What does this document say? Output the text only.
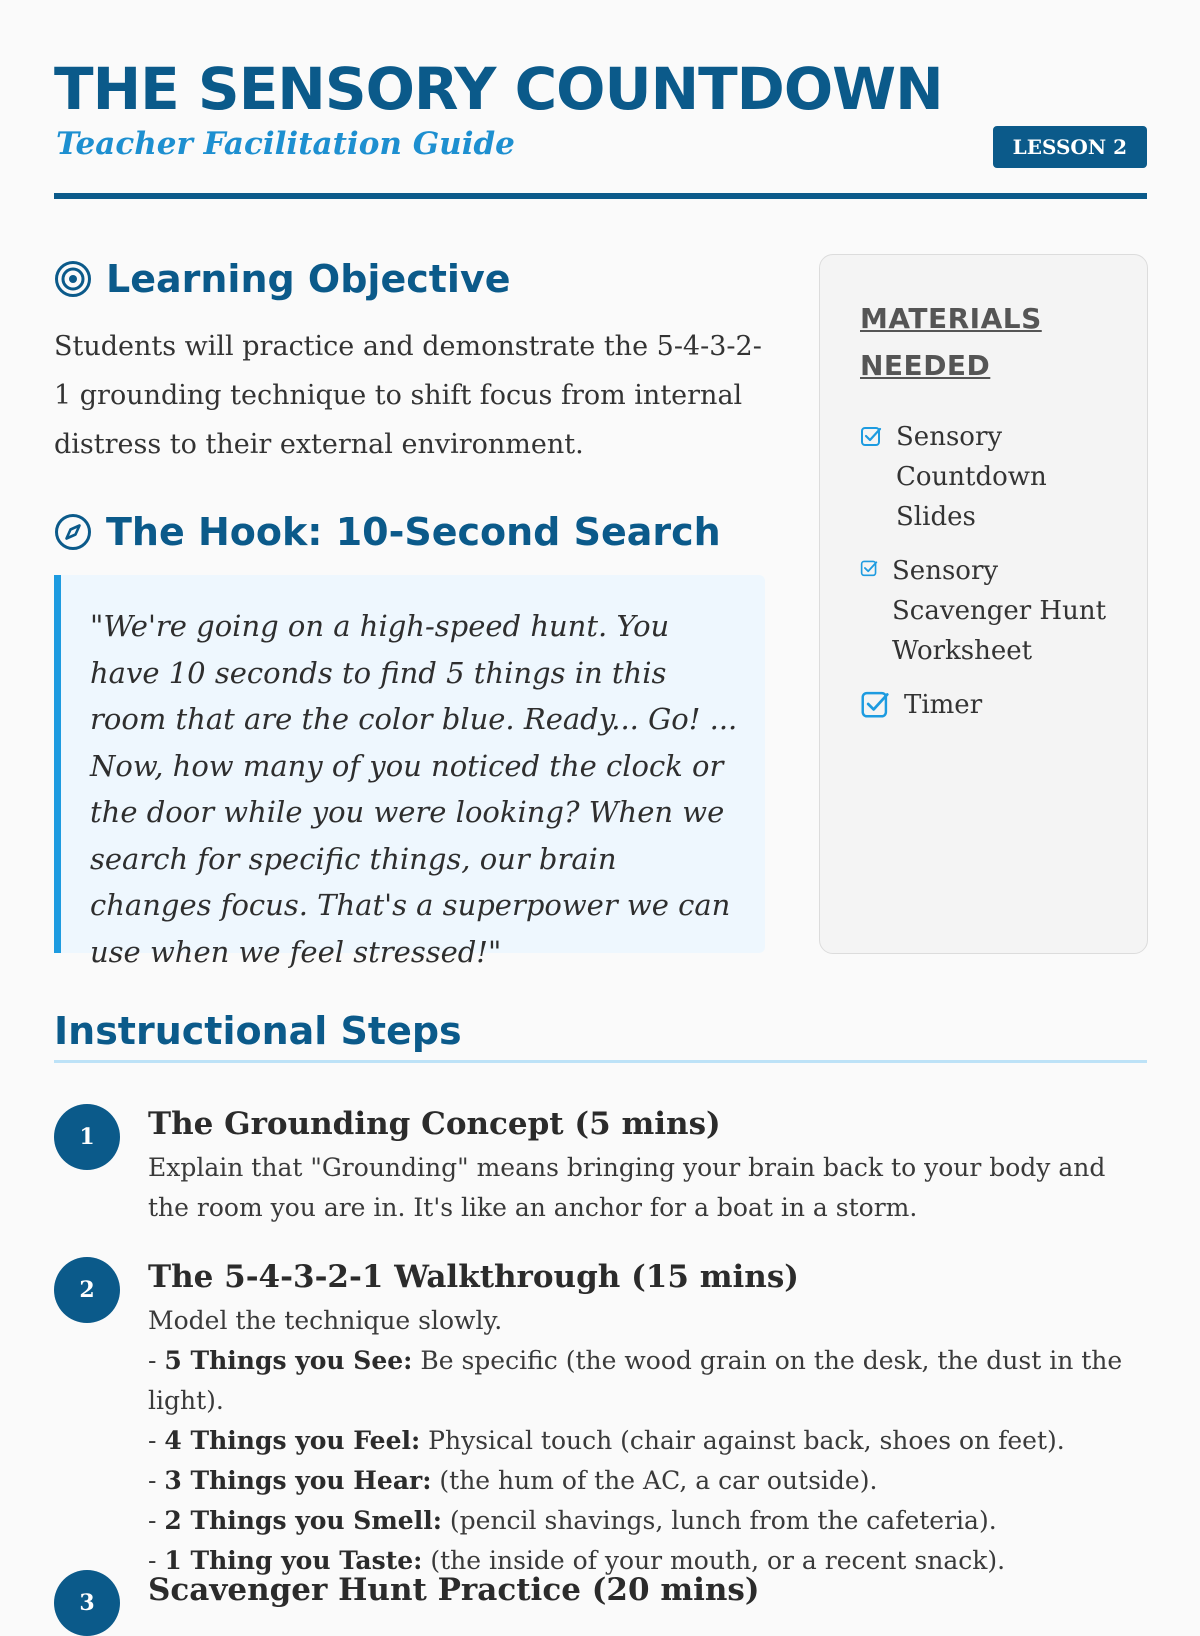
THE SENSORY COUNTDOWN
Teacher Facilitation Guide	LESSON 2
Learning Objective
Students will practice and demonstrate the 5-4-3-2-1 grounding technique to shift focus from internal distress to their external environment.
The Hook: 10-Second Search
"We're going on a high-speed hunt. You have 10 seconds to find 5 things in this room that are the color blue. Ready... Go! ... Now, how many of you noticed the clock or the door while you were looking? When we search for specific things, our brain changes focus. That's a superpower we can use when we feel stressed!"
MATERIALS NEEDED
Sensory Countdown Slides
Sensory Scavenger Hunt Worksheet
Timer
Instructional Steps
1	The Grounding Concept (5 mins)
Explain that "Grounding" means bringing your brain back to your body and the room you are in. It's like an anchor for a boat in a storm.
2	The 5-4-3-2-1 Walkthrough (15 mins)
Model the technique slowly.
- 5 Things you See: Be specific (the wood grain on the desk, the dust in the light).
- 4 Things you Feel: Physical touch (chair against back, shoes on feet).
- 3 Things you Hear: (the hum of the AC, a car outside).
- 2 Things you Smell: (pencil shavings, lunch from the cafeteria).
- 1 Thing you Taste: (the inside of your mouth, or a recent snack).
3	Scavenger Hunt Practice (20 mins)
